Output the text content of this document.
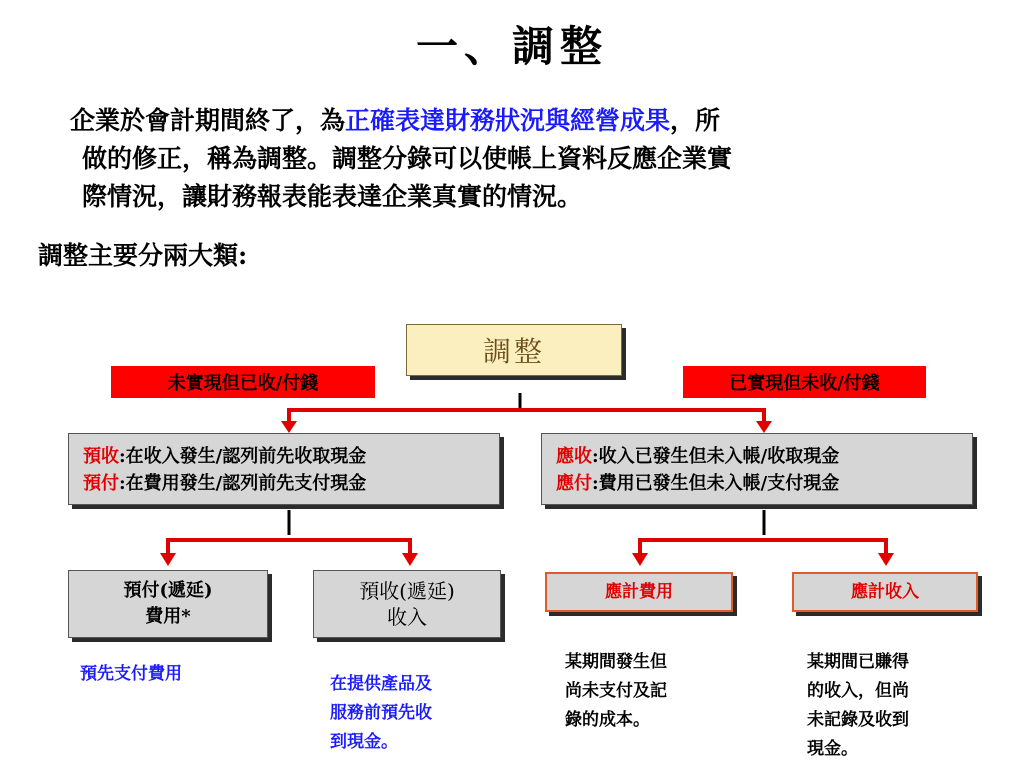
一、調整
企業於會計期間終了，為正確表達財務狀況與經營成果，所
做的修正，稱為調整。調整分錄可以使帳上資料反應企業實
際情況，讓財務報表能表達企業真實的情況。
調整主要分兩大類:
調整
未實現但已收/付錢	已實現但未收/付錢
預收:在收入發生/認列前先收取現金
預付:在費用發生/認列前先支付現金
應收:收入已發生但未入帳/收取現金
應付:費用已發生但未入帳/支付現金
預付(遞延)
費用*
預收(遞延)
收入
應計費用	應計收入
預先支付費用	在提供產品及
服務前預先收
到現金。
某期間發生但
尚未支付及記
錄的成本。
某期間已賺得
的收入，但尚
未記錄及收到
現金。
